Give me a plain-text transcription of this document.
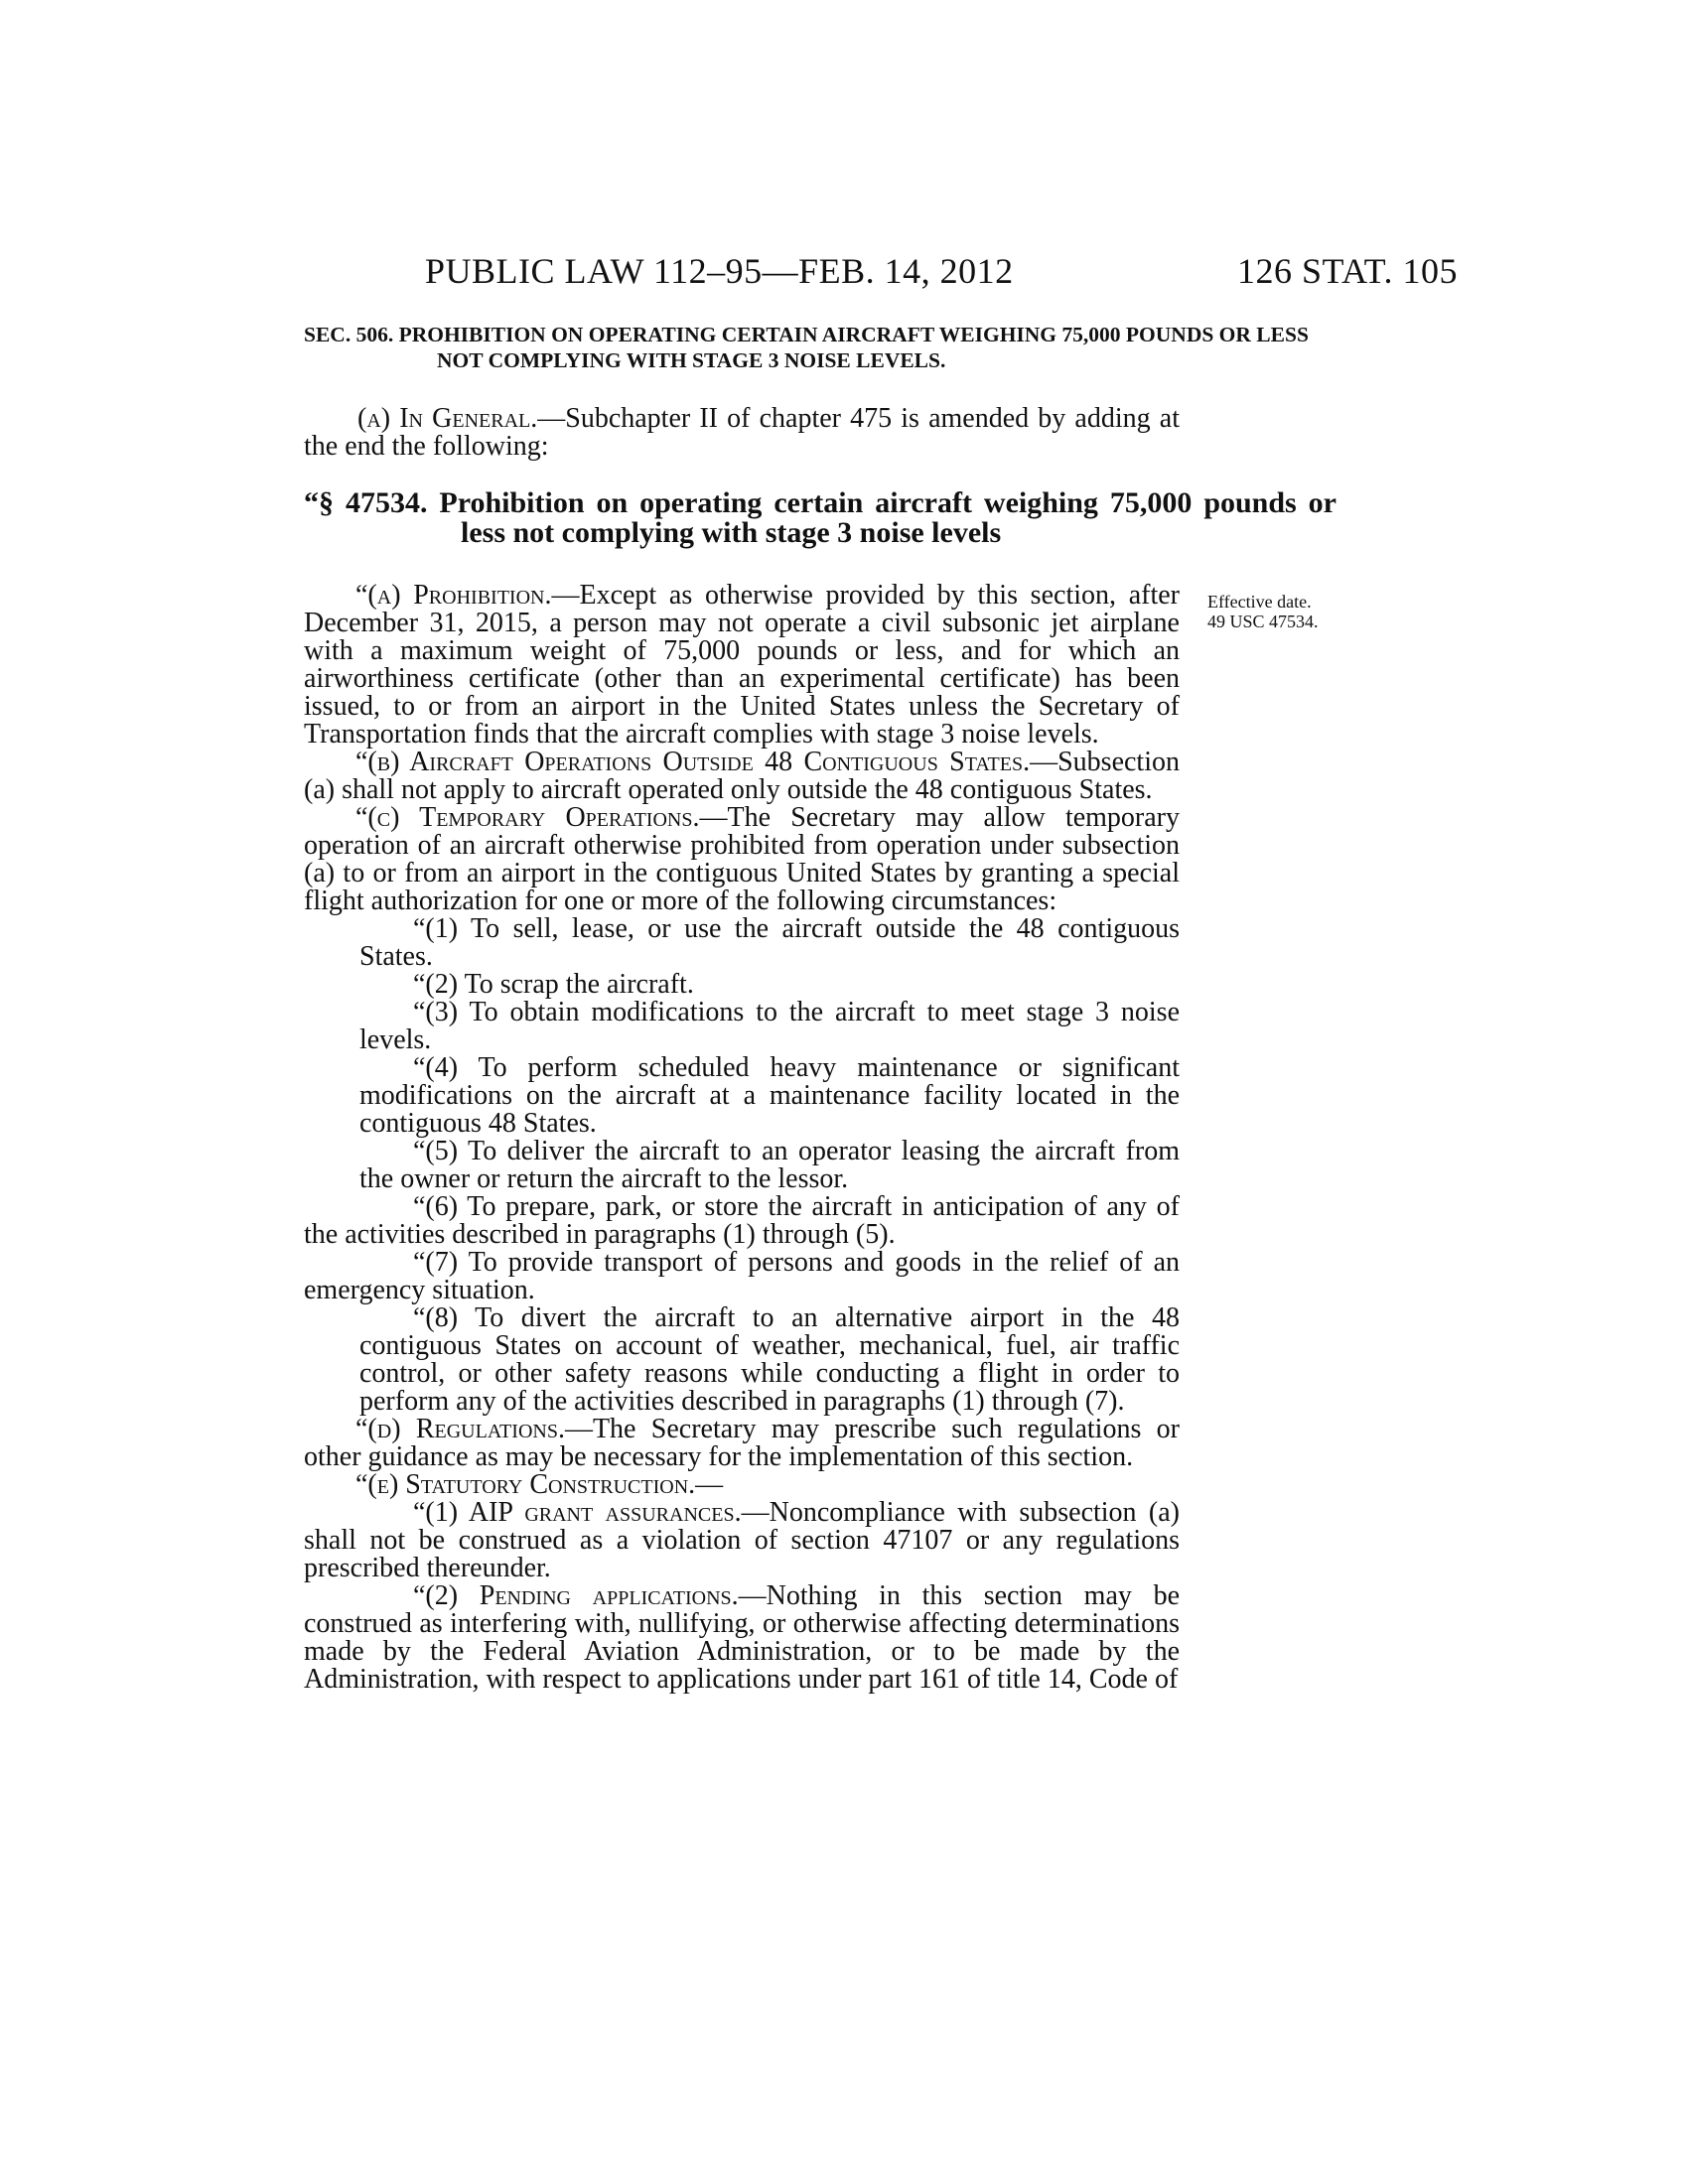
PUBLIC LAW 112–95—FEB. 14, 2012	126 STAT. 105
SEC. 506. PROHIBITION ON OPERATING CERTAIN AIRCRAFT WEIGHING 75,000 POUNDS OR LESS NOT COMPLYING WITH STAGE 3 NOISE LEVELS.
(a) In General.—Subchapter II of chapter 475 is amended by adding at the end the following:
“§ 47534. Prohibition on operating certain aircraft weighing 75,000 pounds or less not complying with stage 3 noise levels
Effective date.
49 USC 47534.

“(a) Prohibition.—Except as otherwise provided by this section, after December 31, 2015, a person may not operate a civil subsonic jet airplane with a maximum weight of 75,000 pounds or less, and for which an airworthiness certificate (other than an experimental certificate) has been issued, to or from an airport in the United States unless the Secretary of Transportation finds that the aircraft complies with stage 3 noise levels.

“(b) Aircraft Operations Outside 48 Contiguous States.—Subsection (a) shall not apply to aircraft operated only outside the 48 contiguous States.

“(c) Temporary Operations.—The Secretary may allow temporary operation of an aircraft otherwise prohibited from operation under subsection (a) to or from an airport in the contiguous United States by granting a special flight authorization for one or more of the following circumstances:

“(1) To sell, lease, or use the aircraft outside the 48 contiguous States.

“(2) To scrap the aircraft.

“(3) To obtain modifications to the aircraft to meet stage 3 noise levels.

“(4) To perform scheduled heavy maintenance or significant modifications on the aircraft at a maintenance facility located in the contiguous 48 States.

“(5) To deliver the aircraft to an operator leasing the aircraft from the owner or return the aircraft to the lessor.

“(6) To prepare, park, or store the aircraft in anticipation of any of the activities described in paragraphs (1) through (5).

“(7) To provide transport of persons and goods in the relief of an emergency situation.

“(8) To divert the aircraft to an alternative airport in the 48 contiguous States on account of weather, mechanical, fuel, air traffic control, or other safety reasons while conducting a flight in order to perform any of the activities described in paragraphs (1) through (7).

“(d) Regulations.—The Secretary may prescribe such regulations or other guidance as may be necessary for the implementation of this section.

“(e) Statutory Construction.—

“(1) AIP grant assurances.—Noncompliance with subsection (a) shall not be construed as a violation of section 47107 or any regulations prescribed thereunder.

“(2) Pending applications.—Nothing in this section may be construed as interfering with, nullifying, or otherwise affecting determinations made by the Federal Aviation Administration, or to be made by the Administration, with respect to applications under part 161 of title 14, Code of
